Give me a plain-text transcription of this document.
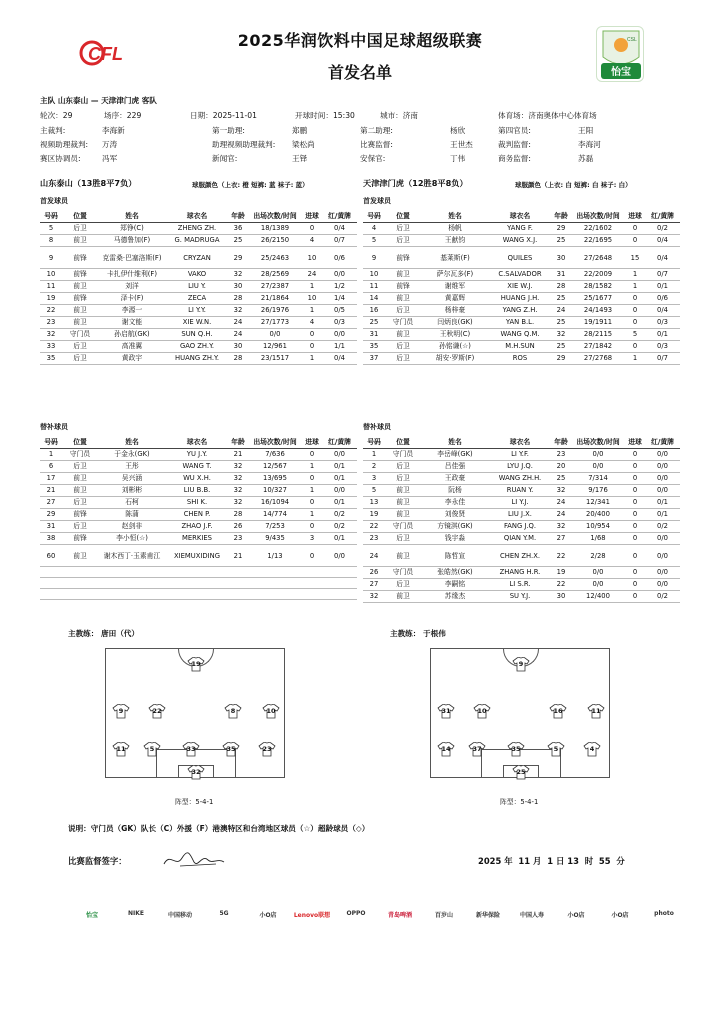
CFL
CSL
怡宝
2025华润饮料中国足球超级联赛
首发名单
主队 山东泰山 — 天津津门虎 客队
轮次：29	场序：229	日期：2025-11-01	开球时间：15:30	城市：济南	体育场：济南奥体中心体育场
主裁判:	李海新	第一助理:	郑鹏	第二助理:	杨欣	第四官员:	王阳
视频助理裁判: 万涛	助理视频助理裁判: 梁松尚	比赛监督:	王世杰	裁判监督:	李海河
赛区协调员:	冯军	新闻官:	王铎	安保官:	丁伟	商务监督:	苏磊
山东泰山（13胜8平7负）	球服颜色（上衣: 橙 短裤: 蓝 袜子: 蓝）	天津津门虎（12胜8平8负）	球服颜色（上衣: 白 短裤: 白 袜子: 白）
首发球员	首发球员
号码	位置	姓名	球衣名	年龄	出场次数/时间	进球	红/黄牌
5	后卫	郑铮(C)	ZHENG ZH.	36	18/1389	0	0/4
8	前卫	马德鲁加(F)	G. MADRUGA	25	26/2150	4	0/7
9	前锋	克雷桑·巴塞洛斯(F)	CRYZAN	29	25/2463	10	0/6
10	前锋	卡扎伊什维利(F)	VAKO	32	28/2569	24	0/0
11	前卫	刘洋	LIU Y.	30	27/2387	1	1/2
19	前锋	泽卡(F)	ZECA	28	21/1864	10	1/4
22	前卫	李源一	LI Y.Y.	32	26/1976	1	0/5
23	前卫	谢文能	XIE W.N.	24	27/1773	4	0/3
32	守门员	孙启航(GK)	SUN Q.H.	24	0/0	0	0/0
33	后卫	高准翼	GAO ZH.Y.	30	12/961	0	1/1
35	后卫	黄政宇	HUANG ZH.Y.	28	23/1517	1	0/4
号码	位置	姓名	球衣名	年龄	出场次数/时间	进球	红/黄牌
4	后卫	杨帆	YANG F.	29	22/1602	0	0/2
5	后卫	王献钧	WANG X.J.	25	22/1695	0	0/4
9	前锋	基莱斯(F)	QUILES	30	27/2648	15	0/4
10	前卫	萨尔瓦多(F)	C.SALVADOR	31	22/2009	1	0/7
11	前锋	谢维军	XIE W.J.	28	28/1582	1	0/1
14	前卫	黄嘉辉	HUANG J.H.	25	25/1677	0	0/6
16	后卫	杨梓豪	YANG Z.H.	24	24/1493	0	0/4
25	守门员	闫炳良(GK)	YAN B.L.	25	19/1911	0	0/3
31	前卫	王秋明(C)	WANG Q.M.	32	28/2115	5	0/1
35	后卫	孙铭谦(☆)	M.H.SUN	25	27/1842	0	0/3
37	后卫	胡安·罗斯(F)	ROS	29	27/2768	1	0/7
替补球员	替补球员
号码	位置	姓名	球衣名	年龄	出场次数/时间	进球	红/黄牌
1	守门员	于金永(GK)	YU J.Y.	21	7/636	0	0/0
6	后卫	王彤	WANG T.	32	12/567	1	0/1
17	前卫	吴兴涵	WU X.H.	32	13/695	0	0/1
21	前卫	刘彬彬	LIU B.B.	32	10/327	1	0/0
27	后卫	石柯	SHI K.	32	16/1094	0	0/1
29	前锋	陈蒲	CHEN P.	28	14/774	1	0/2
31	后卫	赵剑非	ZHAO J.F.	26	7/253	0	0/2
38	前锋	李小恒(☆)	MERKIES	23	9/435	3	0/1
60	前卫	谢木西丁·玉素甫江	XIEMUXIDING	21	1/13	0	0/0

号码	位置	姓名	球衣名	年龄	出场次数/时间	进球	红/黄牌
1	守门员	李岳峰(GK)	LI Y.F.	23	0/0	0	0/0
2	后卫	吕佳强	LYU J.Q.	20	0/0	0	0/0
3	后卫	王政豪	WANG ZH.H.	25	7/314	0	0/0
5	前卫	阮杨	RUAN Y.	32	9/176	0	0/0
13	前卫	李永佳	LI Y.J.	24	12/341	0	0/1
19	前卫	刘俊贤	LIU J.X.	24	20/400	0	0/1
22	守门员	方镜淇(GK)	FANG J.Q.	32	10/954	0	0/2
23	后卫	钱宇淼	QIAN Y.M.	27	1/68	0	0/0
24	前卫	陈哲宣	CHEN ZH.X.	22	2/28	0	0/0
26	守门员	张皓然(GK)	ZHANG H.R.	19	0/0	0	0/0
27	后卫	李嗣铭	LI S.R.	22	0/0	0	0/0
32	前卫	苏缘杰	SU Y.J.	30	12/400	0	0/2
主教练： 唐田（代）	主教练： 于根伟
19
9	22	8	10
11	5	33	35	23
32
9
31	10	16	11
14	37	35	5	4
25
阵型：5-4-1	阵型：5-4-1
说明：守门员（GK）队长（C）外援（F）港澳特区和台湾地区球员（☆）超龄球员（◇）
比赛监督签字：	2025 年  11 月  1 日 13  时  55  分
怡宝	NIKE	中国移动	5G	小O店	Lenovo联想	OPPO	青岛啤酒	百岁山	新华保险	中国人寿	小O店	小O店	photo
